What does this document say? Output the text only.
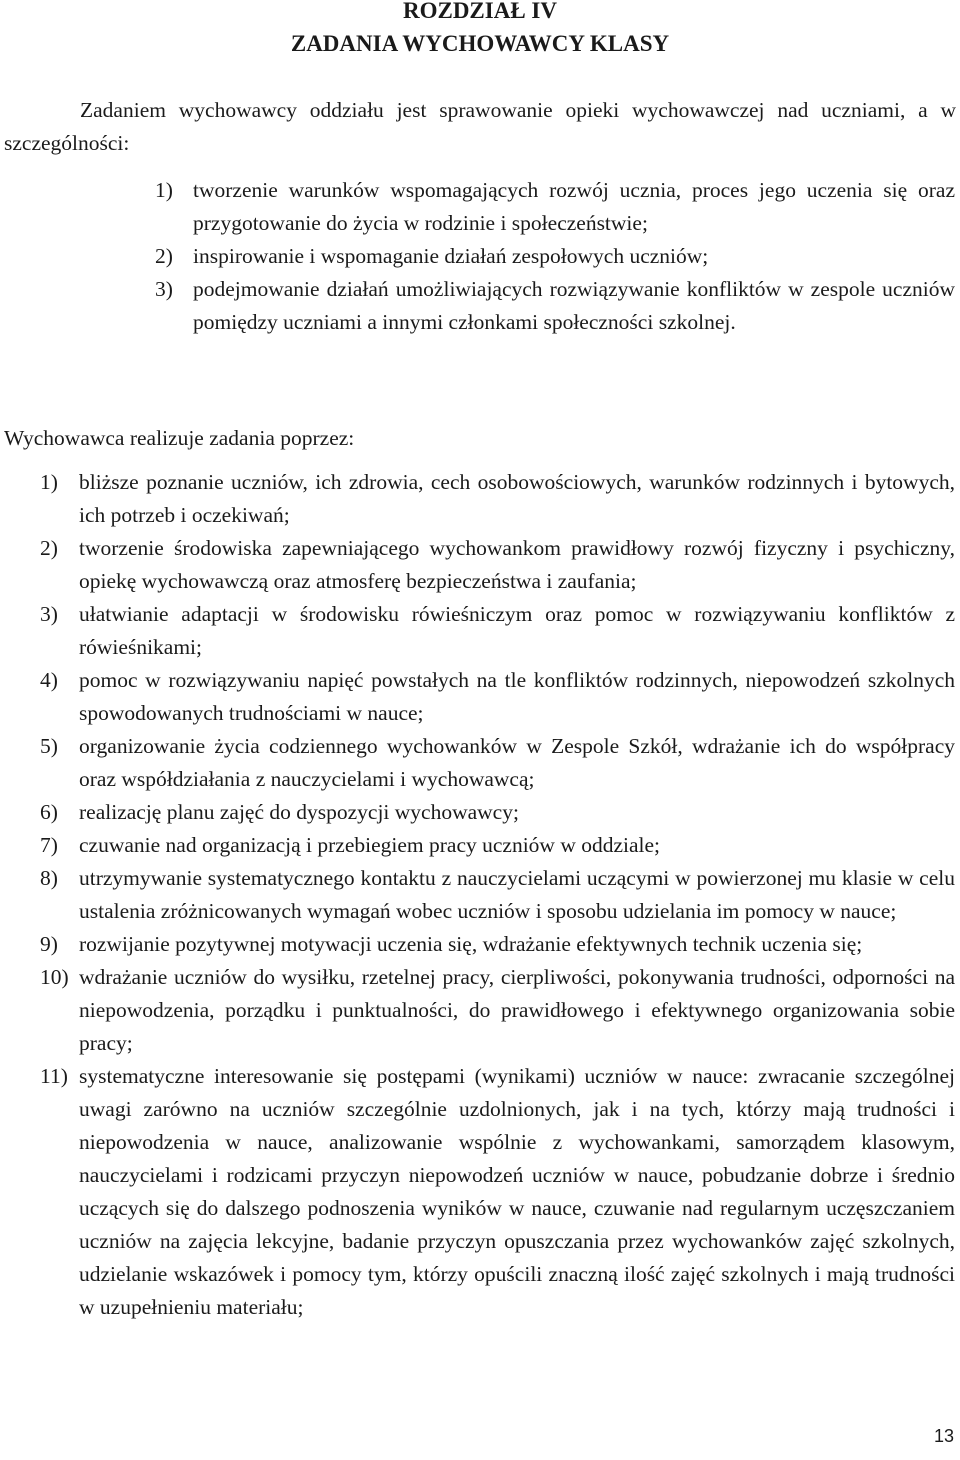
ROZDZIAŁ IV
ZADANIA WYCHOWAWCY KLASY
Zadaniem wychowawcy oddziału jest sprawowanie opieki wychowawczej nad uczniami, a w szczególności:
1) tworzenie warunków wspomagających rozwój ucznia, proces jego uczenia się oraz przygotowanie do życia w rodzinie i społeczeństwie;
2) inspirowanie i wspomaganie działań zespołowych uczniów;
3) podejmowanie działań umożliwiających rozwiązywanie konfliktów w zespole uczniów pomiędzy uczniami a innymi członkami społeczności szkolnej.
Wychowawca realizuje zadania poprzez:
1) bliższe poznanie uczniów, ich zdrowia, cech osobowościowych, warunków rodzinnych i bytowych, ich potrzeb i oczekiwań;
2) tworzenie środowiska zapewniającego wychowankom prawidłowy rozwój fizyczny i psychiczny, opiekę wychowawczą oraz atmosferę bezpieczeństwa i zaufania;
3) ułatwianie adaptacji w środowisku rówieśniczym oraz pomoc w rozwiązywaniu konfliktów z rówieśnikami;
4) pomoc w rozwiązywaniu napięć powstałych na tle konfliktów rodzinnych, niepowodzeń szkolnych spowodowanych trudnościami w nauce;
5) organizowanie życia codziennego wychowanków w Zespole Szkół, wdrażanie ich do współpracy oraz współdziałania z nauczycielami i wychowawcą;
6) realizację planu zajęć do dyspozycji wychowawcy;
7) czuwanie nad organizacją i przebiegiem pracy uczniów w oddziale;
8) utrzymywanie systematycznego kontaktu z nauczycielami uczącymi w powierzonej mu klasie w celu ustalenia zróżnicowanych wymagań wobec uczniów i sposobu udzielania im pomocy w nauce;
9) rozwijanie pozytywnej motywacji uczenia się, wdrażanie efektywnych technik uczenia się;
10) wdrażanie uczniów do wysiłku, rzetelnej pracy, cierpliwości, pokonywania trudności, odporności na niepowodzenia, porządku i punktualności, do prawidłowego i efektywnego organizowania sobie pracy;
11) systematyczne interesowanie się postępami (wynikami) uczniów w nauce: zwracanie szczególnej uwagi zarówno na uczniów szczególnie uzdolnionych, jak i na tych, którzy mają trudności i niepowodzenia w nauce, analizowanie wspólnie z wychowankami, samorządem klasowym, nauczycielami i rodzicami przyczyn niepowodzeń uczniów w nauce, pobudzanie dobrze i średnio uczących się do dalszego podnoszenia wyników w nauce, czuwanie nad regularnym uczęszczaniem uczniów na zajęcia lekcyjne, badanie przyczyn opuszczania przez wychowanków zajęć szkolnych, udzielanie wskazówek i pomocy tym, którzy opuścili znaczną ilość zajęć szkolnych i mają trudności w uzupełnieniu materiału;
13
